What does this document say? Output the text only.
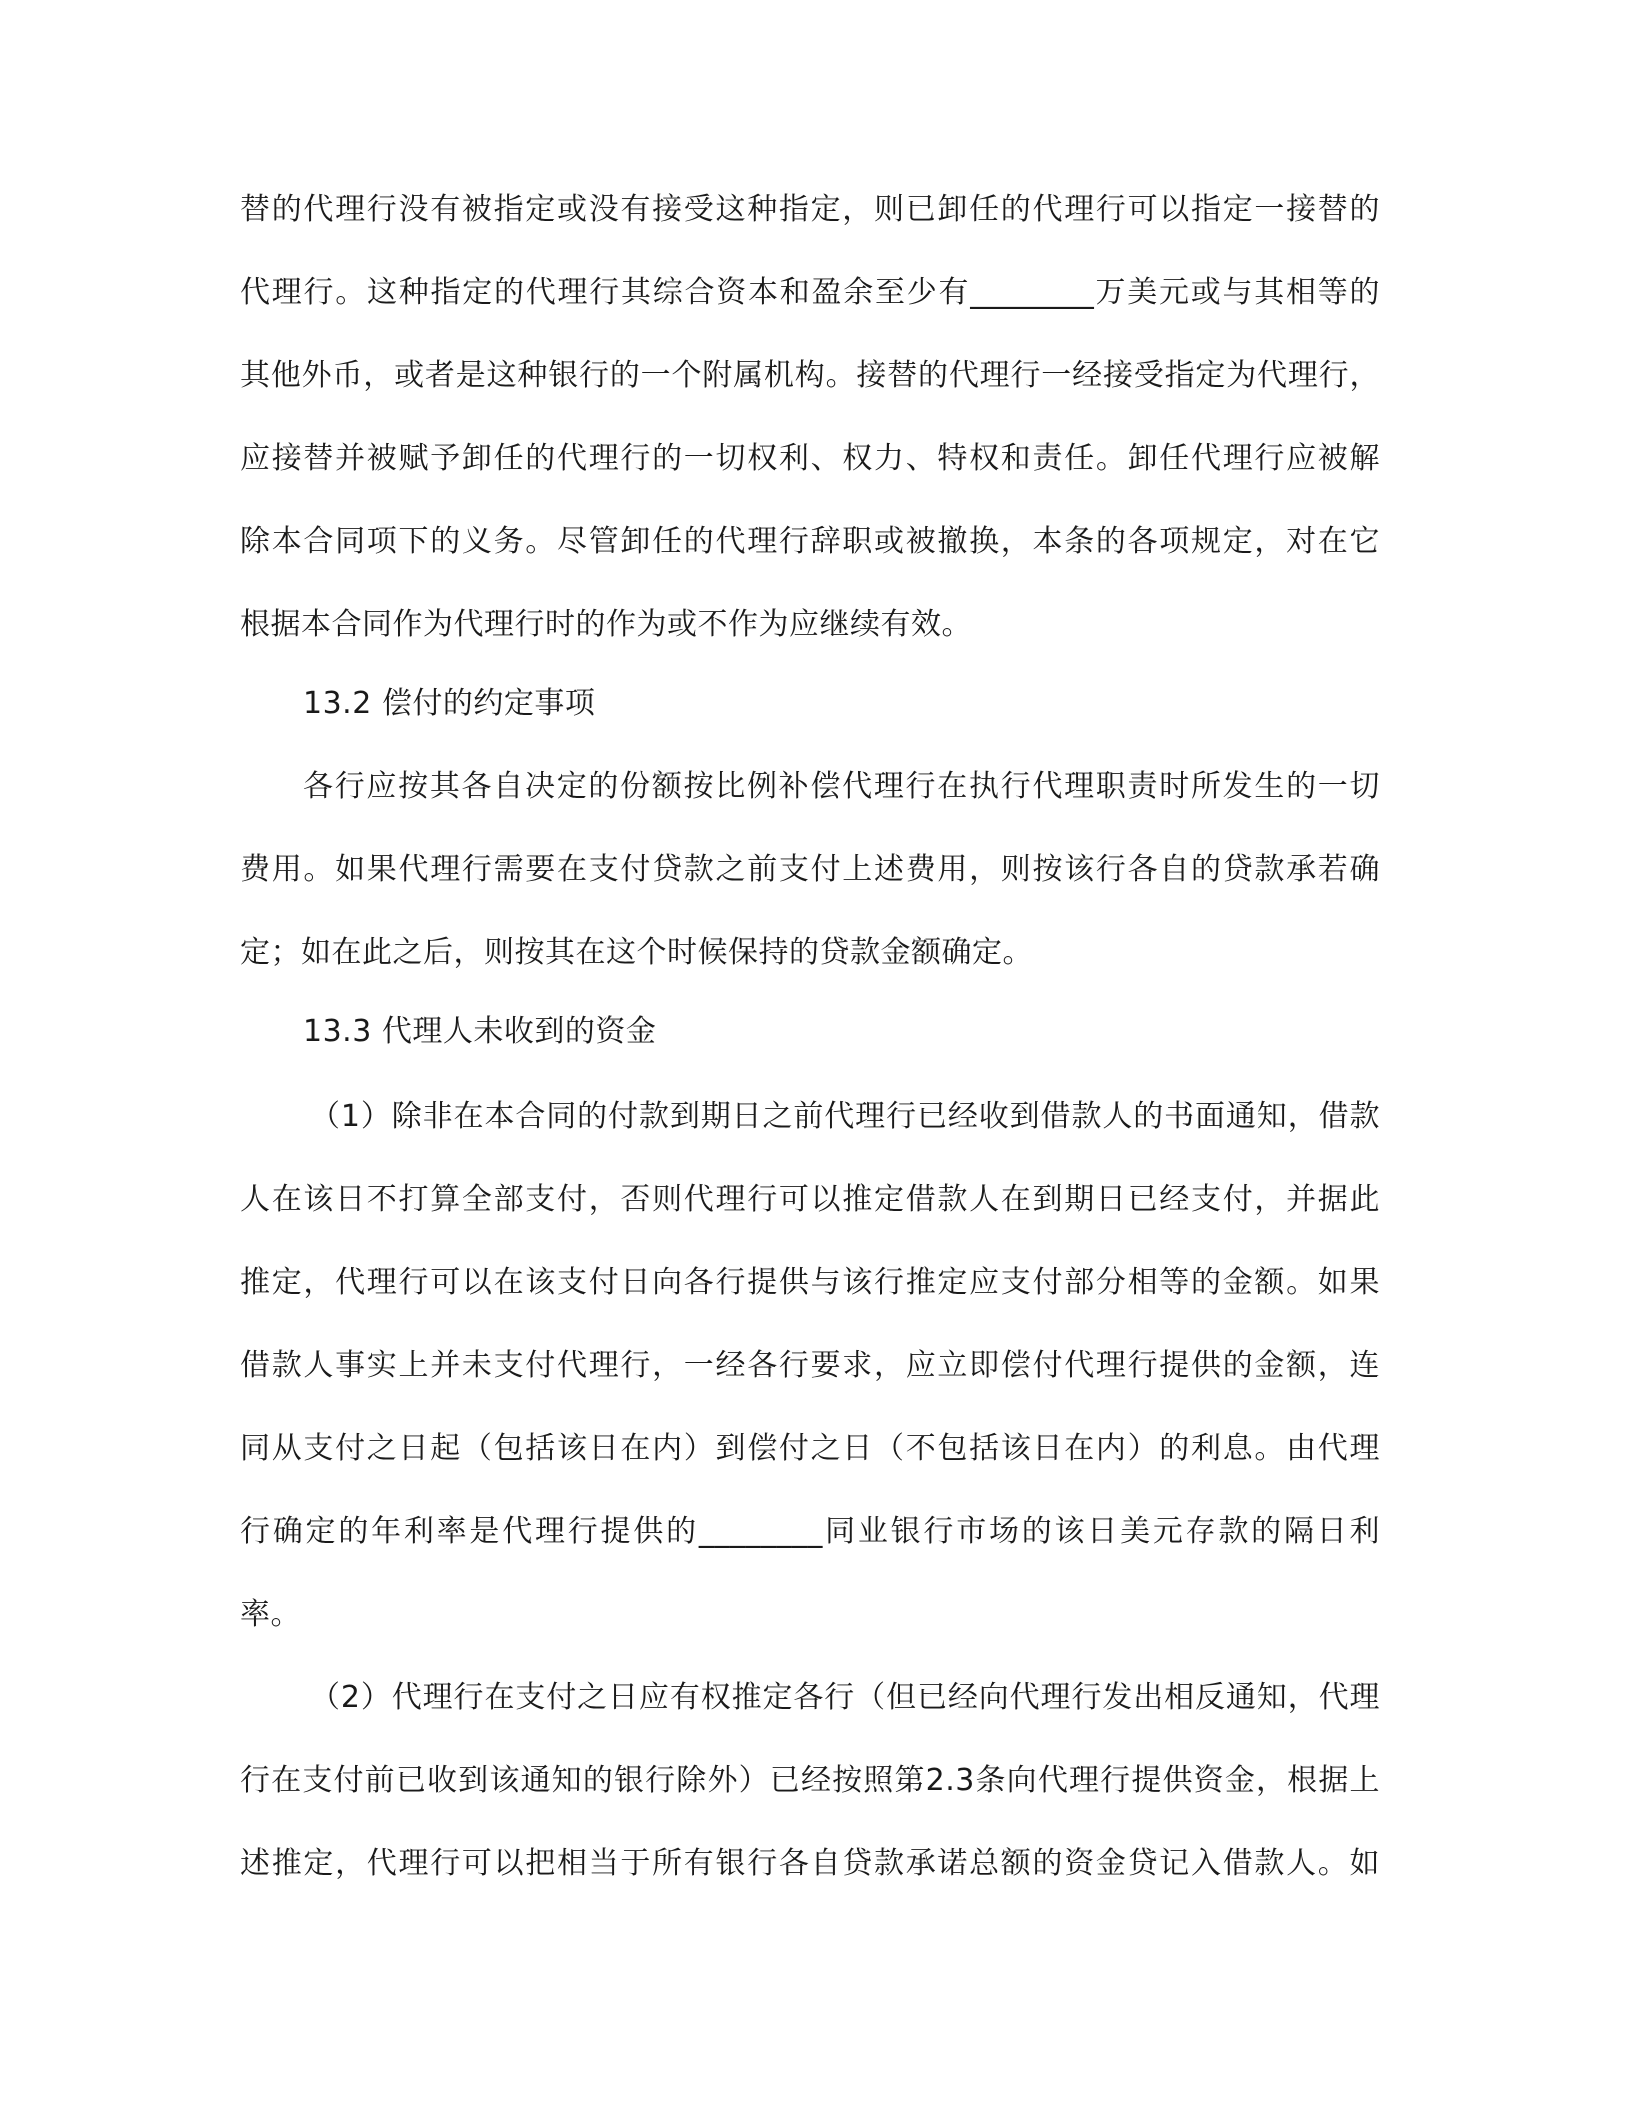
替的代理行没有被指定或没有接受这种指定，则已卸任的代理行可以指定一接替的
代理行。这种指定的代理行其综合资本和盈余至少有________万美元或与其相等的
其他外币，或者是这种银行的一个附属机构。接替的代理行一经接受指定为代理行，
应接替并被赋予卸任的代理行的一切权利、权力、特权和责任。卸任代理行应被解
除本合同项下的义务。尽管卸任的代理行辞职或被撤换，本条的各项规定，对在它
根据本合同作为代理行时的作为或不作为应继续有效。
13.2 偿付的约定事项
各行应按其各自决定的份额按比例补偿代理行在执行代理职责时所发生的一切
费用。如果代理行需要在支付贷款之前支付上述费用，则按该行各自的贷款承若确
定；如在此之后，则按其在这个时候保持的贷款金额确定。
13.3 代理人未收到的资金
（1）除非在本合同的付款到期日之前代理行已经收到借款人的书面通知，借款
人在该日不打算全部支付，否则代理行可以推定借款人在到期日已经支付，并据此
推定，代理行可以在该支付日向各行提供与该行推定应支付部分相等的金额。如果
借款人事实上并未支付代理行，一经各行要求，应立即偿付代理行提供的金额，连
同从支付之日起（包括该日在内）到偿付之日（不包括该日在内）的利息。由代理
行确定的年利率是代理行提供的________同业银行市场的该日美元存款的隔日利
率。
（2）代理行在支付之日应有权推定各行（但已经向代理行发出相反通知，代理
行在支付前已收到该通知的银行除外）已经按照第2.3条向代理行提供资金，根据上
述推定，代理行可以把相当于所有银行各自贷款承诺总额的资金贷记入借款人。如
